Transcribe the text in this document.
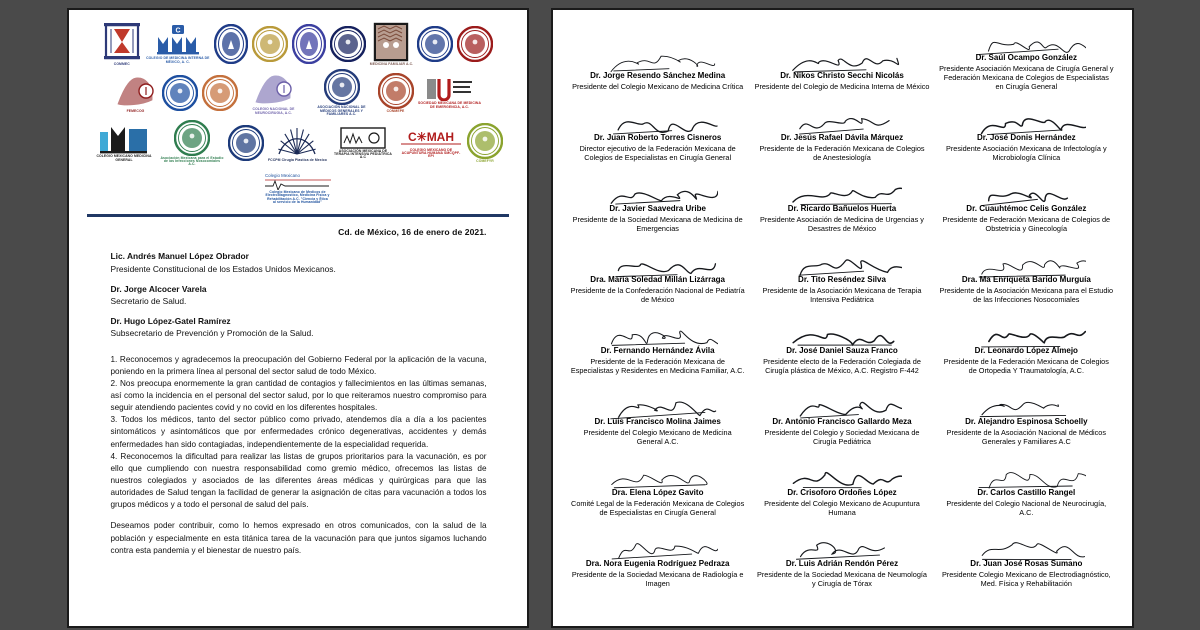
COMMEC
C
COLEGIO DE MEDICINA INTERNA DE MÉXICO, A. C.
MEDICINA FAMILIAR A.C.
FEMECOG	COLEGIO NACIONAL DE NEUROCIRUGIA, A.C.
ASOCIACIÓN NACIONAL DE MÉDICOS GENERALES Y FAMILIARES A.C.
CONMEPE
SOCIEDAD MEXICANA DE MEDICINA DE EMERGENCIA, A.C.
COLEGIO MEXICANO MEDICINA GENERAL
Asociación Mexicana para el Estudio de las Infecciones Nosocomiales A.C.
FCCPM Cirugia Plastica de Mexico
ASOCIACIÓN MEXICANA DE TERAPIA INTENSIVA PEDIÁTRICA A.C
C✳MAH
COLEGIO MEXICANO DE ACUPUNTURA HUMANA SMCQPF-EPI
COMEFYR
Colegio Mexicano
Colegio Mexicano de Medicos de Electrodiagnostico, Medicina Fisica y Rehabilitación A.C. "Ciencia y Ética al servicio de la Humanidad"
Cd. de México, 16 de enero de 2021.
Lic. Andrés Manuel López Obrador
Presidente Constitucional de los Estados Unidos Mexicanos.
Dr. Jorge Alcocer Varela
Secretario de Salud.
Dr. Hugo López-Gatel Ramírez
Subsecretario de Prevención y Promoción de la Salud.

1. Reconocemos y agradecemos la preocupación del Gobierno Federal por la aplicación de la vacuna, poniendo en la primera línea al personal del sector salud de todo México.

2. Nos preocupa enormemente la gran cantidad de contagios y fallecimientos en las últimas semanas, así como la incidencia en el personal del sector salud, por lo que reiteramos nuestro compromiso para seguir atendiendo pacientes covid y no covid en los diferentes hospitales.

3. Todos los médicos, tanto del sector público como privado, atendemos día a día a los pacientes sintomáticos y asintomáticos que por enfermedades crónico degenerativas, accidentes y demás enfermedades han sido contagiadas, independientemente de la especialidad requerida.

4. Reconocemos la dificultad para realizar las listas de grupos prioritarios para la vacunación, es por ello que cumpliendo con nuestra responsabilidad como gremio médico, ofrecemos las listas de nuestros colegiados y asociados de las diferentes áreas médicas y quirúrgicas para que las autoridades de Salud tengan la facilidad de generar la asignación de citas para vacunación a todos los grupos médicos y a todo el personal de salud del país.

Deseamos poder contribuir, como lo hemos expresado en otros comunicados, con la salud de la población y especialmente en esta titánica tarea de la vacunación para que juntos sigamos luchando contra esta pandemia y el bienestar de nuestro país.

Dr. Jorge Resendo Sánchez Medina
Presidente del Colegio Mexicano de Medicina Crítica
Dr. Nikos Christo Secchi Nicolás
Presidente del Colegio de Medicina Interna de México
Dr. Saúl Ocampo González
Presidente Asociación Mexicana de Cirugía General y Federación Mexicana de Colegios de Especialistas en Cirugía General
Dr. Juan Roberto Torres Cisneros
Director ejecutivo de la Federación Mexicana de Colegios de Especialistas en Cirugía General
Dr. Jesús Rafael Dávila Márquez
Presidente de la Federación Mexicana de Colegios de Anestesiología
Dr. José Donis Hernández
Presidente Asociación Mexicana de Infectología y Microbiología Clínica
Dr. Javier Saavedra Uribe
Presidente de la Sociedad Mexicana de Medicina de Emergencias
Dr. Ricardo Bañuelos Huerta
Presidente Asociación de Medicina de Urgencias y Desastres de México
Dr. Cuauhtémoc Celis González
Presidente de Federación Mexicana de Colegios de Obstetricia y Ginecología
Dra. María Soledad Millán Lizárraga
Presidente de la Confederación Nacional de Pediatría de México
Dr. Tito Reséndez Silva
Presidente de la Asociación Mexicana de Terapia Intensiva Pediátrica
Dra. Ma Enriqueta Barido Murguía
Presidente de la Asociación Mexicana para el Estudio de las Infecciones Nosocomiales
Dr. Fernando Hernández Ávila
Presidente de la Federación Mexicana de Especialistas y Residentes en Medicina Familiar, A.C.
Dr. José Daniel Sauza Franco
Presidente electo de la Federación Colegiada de Cirugía plástica de México, A.C. Registro F-442
Dr. Leonardo López Almejo
Presidente de la Federación Mexicana de Colegios de Ortopedia Y Traumatología, A.C.
Dr. Luis Francisco Molina Jaimes
Presidente del Colegio Mexicano de Medicina General A.C.
Dr. Antonio Francisco Gallardo Meza
Presidente del Colegio y Sociedad Mexicana de Cirugía Pediátrica
Dr. Alejandro Espinosa Schoelly
Presidente de la Asociación Nacional de Médicos Generales y Familiares A.C
Dra. Elena López Gavito
Comité Legal de la Federación Mexicana de Colegios de Especialistas en Cirugía General
Dr. Crisoforo Ordoñes López
Presidente del Colegio Mexicano de Acupuntura Humana
Dr. Carlos Castillo Rangel
Presidente del Colegio Nacional de Neurocirugía, A.C.
Dra. Nora Eugenia Rodríguez Pedraza
Presidente de la Sociedad Mexicana de Radiología e Imagen
Dr. Luis Adrián Rendón Pérez
Presidente de la Sociedad Mexicana de Neumología y Cirugía de Tórax
Dr. Juan José Rosas Sumano
Presidente Colegio Mexicano de Electrodiagnóstico, Med. Física y Rehabilitación
